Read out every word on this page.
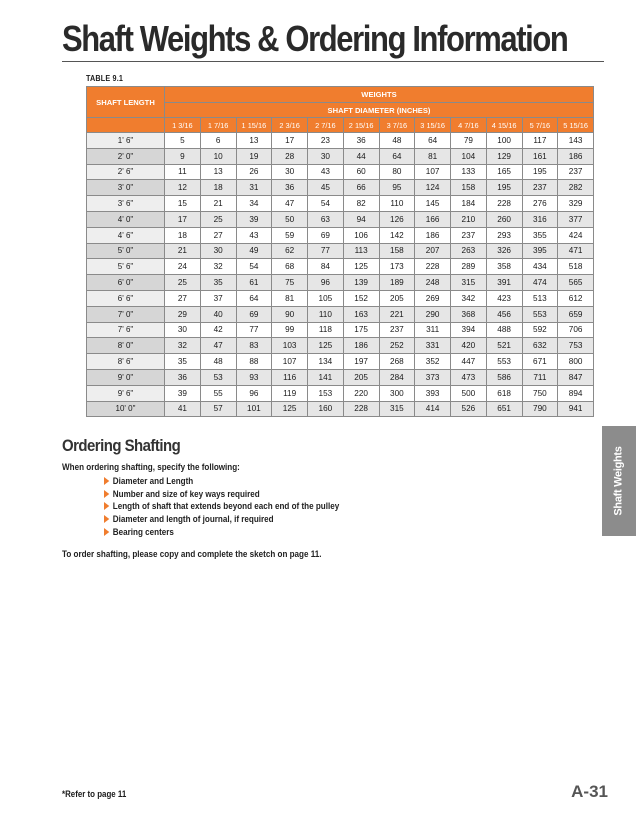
Shaft Weights & Ordering Information
TABLE 9.1
SHAFT LENGTH	WEIGHTS											
	SHAFT DIAMETER (INCHES)											
	1 3/16	1 7/16	1 15/16	2 3/16	2 7/16	2 15/16	3 7/16	3 15/16	4 7/16	4 15/16	5 7/16	5 15/16
1' 6"	5	6	13	17	23	36	48	64	79	100	117	143
2' 0"	9	10	19	28	30	44	64	81	104	129	161	186
2' 6"	11	13	26	30	43	60	80	107	133	165	195	237
3' 0"	12	18	31	36	45	66	95	124	158	195	237	282
3' 6"	15	21	34	47	54	82	110	145	184	228	276	329
4' 0"	17	25	39	50	63	94	126	166	210	260	316	377
4' 6"	18	27	43	59	69	106	142	186	237	293	355	424
5' 0"	21	30	49	62	77	113	158	207	263	326	395	471
5' 6"	24	32	54	68	84	125	173	228	289	358	434	518
6' 0"	25	35	61	75	96	139	189	248	315	391	474	565
6' 6"	27	37	64	81	105	152	205	269	342	423	513	612
7' 0"	29	40	69	90	110	163	221	290	368	456	553	659
7' 6"	30	42	77	99	118	175	237	311	394	488	592	706
8' 0"	32	47	83	103	125	186	252	331	420	521	632	753
8' 6"	35	48	88	107	134	197	268	352	447	553	671	800
9' 0"	36	53	93	116	141	205	284	373	473	586	711	847
9' 6"	39	55	96	119	153	220	300	393	500	618	750	894
10' 0"	41	57	101	125	160	228	315	414	526	651	790	941
Ordering Shafting

When ordering shafting, specify the following:

Diameter and Length
Number and size of key ways required
Length of shaft that extends beyond each end of the pulley
Diameter and length of journal, if required
Bearing centers

To order shafting, please copy and complete the sketch on page 11.

Shaft Weights
*Refer to page 11	A-31
